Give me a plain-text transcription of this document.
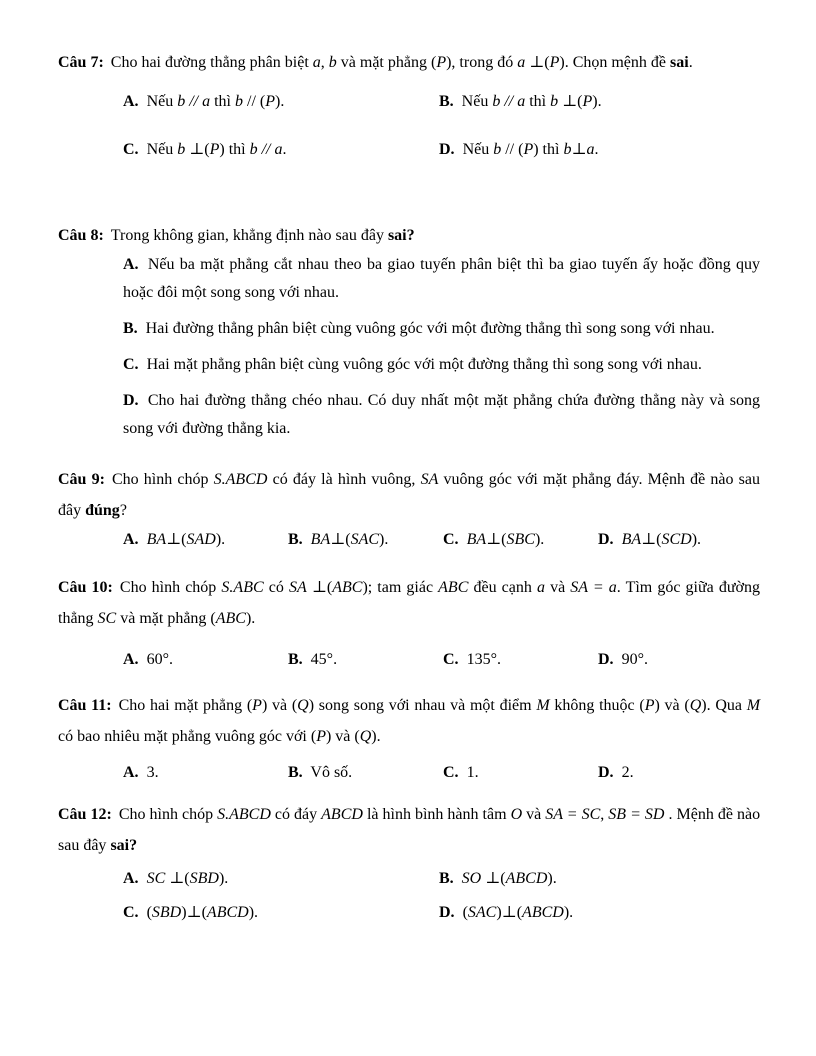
Câu 7: Cho hai đường thẳng phân biệt a, b và mặt phẳng (P), trong đó a ⊥(P). Chọn mệnh đề sai.
A. Nếu b // a thì b // (P).	B. Nếu b // a thì b ⊥(P).
C. Nếu b ⊥(P) thì b // a.	D. Nếu b // (P) thì b⊥a.
Câu 8: Trong không gian, khẳng định nào sau đây sai?
A. Nếu ba mặt phẳng cắt nhau theo ba giao tuyến phân biệt thì ba giao tuyến ấy hoặc đồng quy hoặc đôi một song song với nhau.
B. Hai đường thẳng phân biệt cùng vuông góc với một đường thẳng thì song song với nhau.
C. Hai mặt phẳng phân biệt cùng vuông góc với một đường thẳng thì song song với nhau.
D. Cho hai đường thẳng chéo nhau. Có duy nhất một mặt phẳng chứa đường thẳng này và song song với đường thẳng kia.
Câu 9: Cho hình chóp S.ABCD có đáy là hình vuông, SA vuông góc với mặt phẳng đáy. Mệnh đề nào sau đây đúng?
A. BA⊥(SAD).	B. BA⊥(SAC).	C. BA⊥(SBC).	D. BA⊥(SCD).
Câu 10: Cho hình chóp S.ABC có SA ⊥(ABC); tam giác ABC đều cạnh a và SA = a. Tìm góc giữa đường thẳng SC và mặt phẳng (ABC).
A. 60°.	B. 45°.	C. 135°.	D. 90°.
Câu 11: Cho hai mặt phẳng (P) và (Q) song song với nhau và một điểm M không thuộc (P) và (Q). Qua M có bao nhiêu mặt phẳng vuông góc với (P) và (Q).
A. 3.	B. Vô số.	C. 1.	D. 2.
Câu 12: Cho hình chóp S.ABCD có đáy ABCD là hình bình hành tâm O và SA = SC, SB = SD . Mệnh đề nào sau đây sai?
A. SC ⊥(SBD).	B. SO ⊥(ABCD).
C. (SBD)⊥(ABCD).	D. (SAC)⊥(ABCD).
